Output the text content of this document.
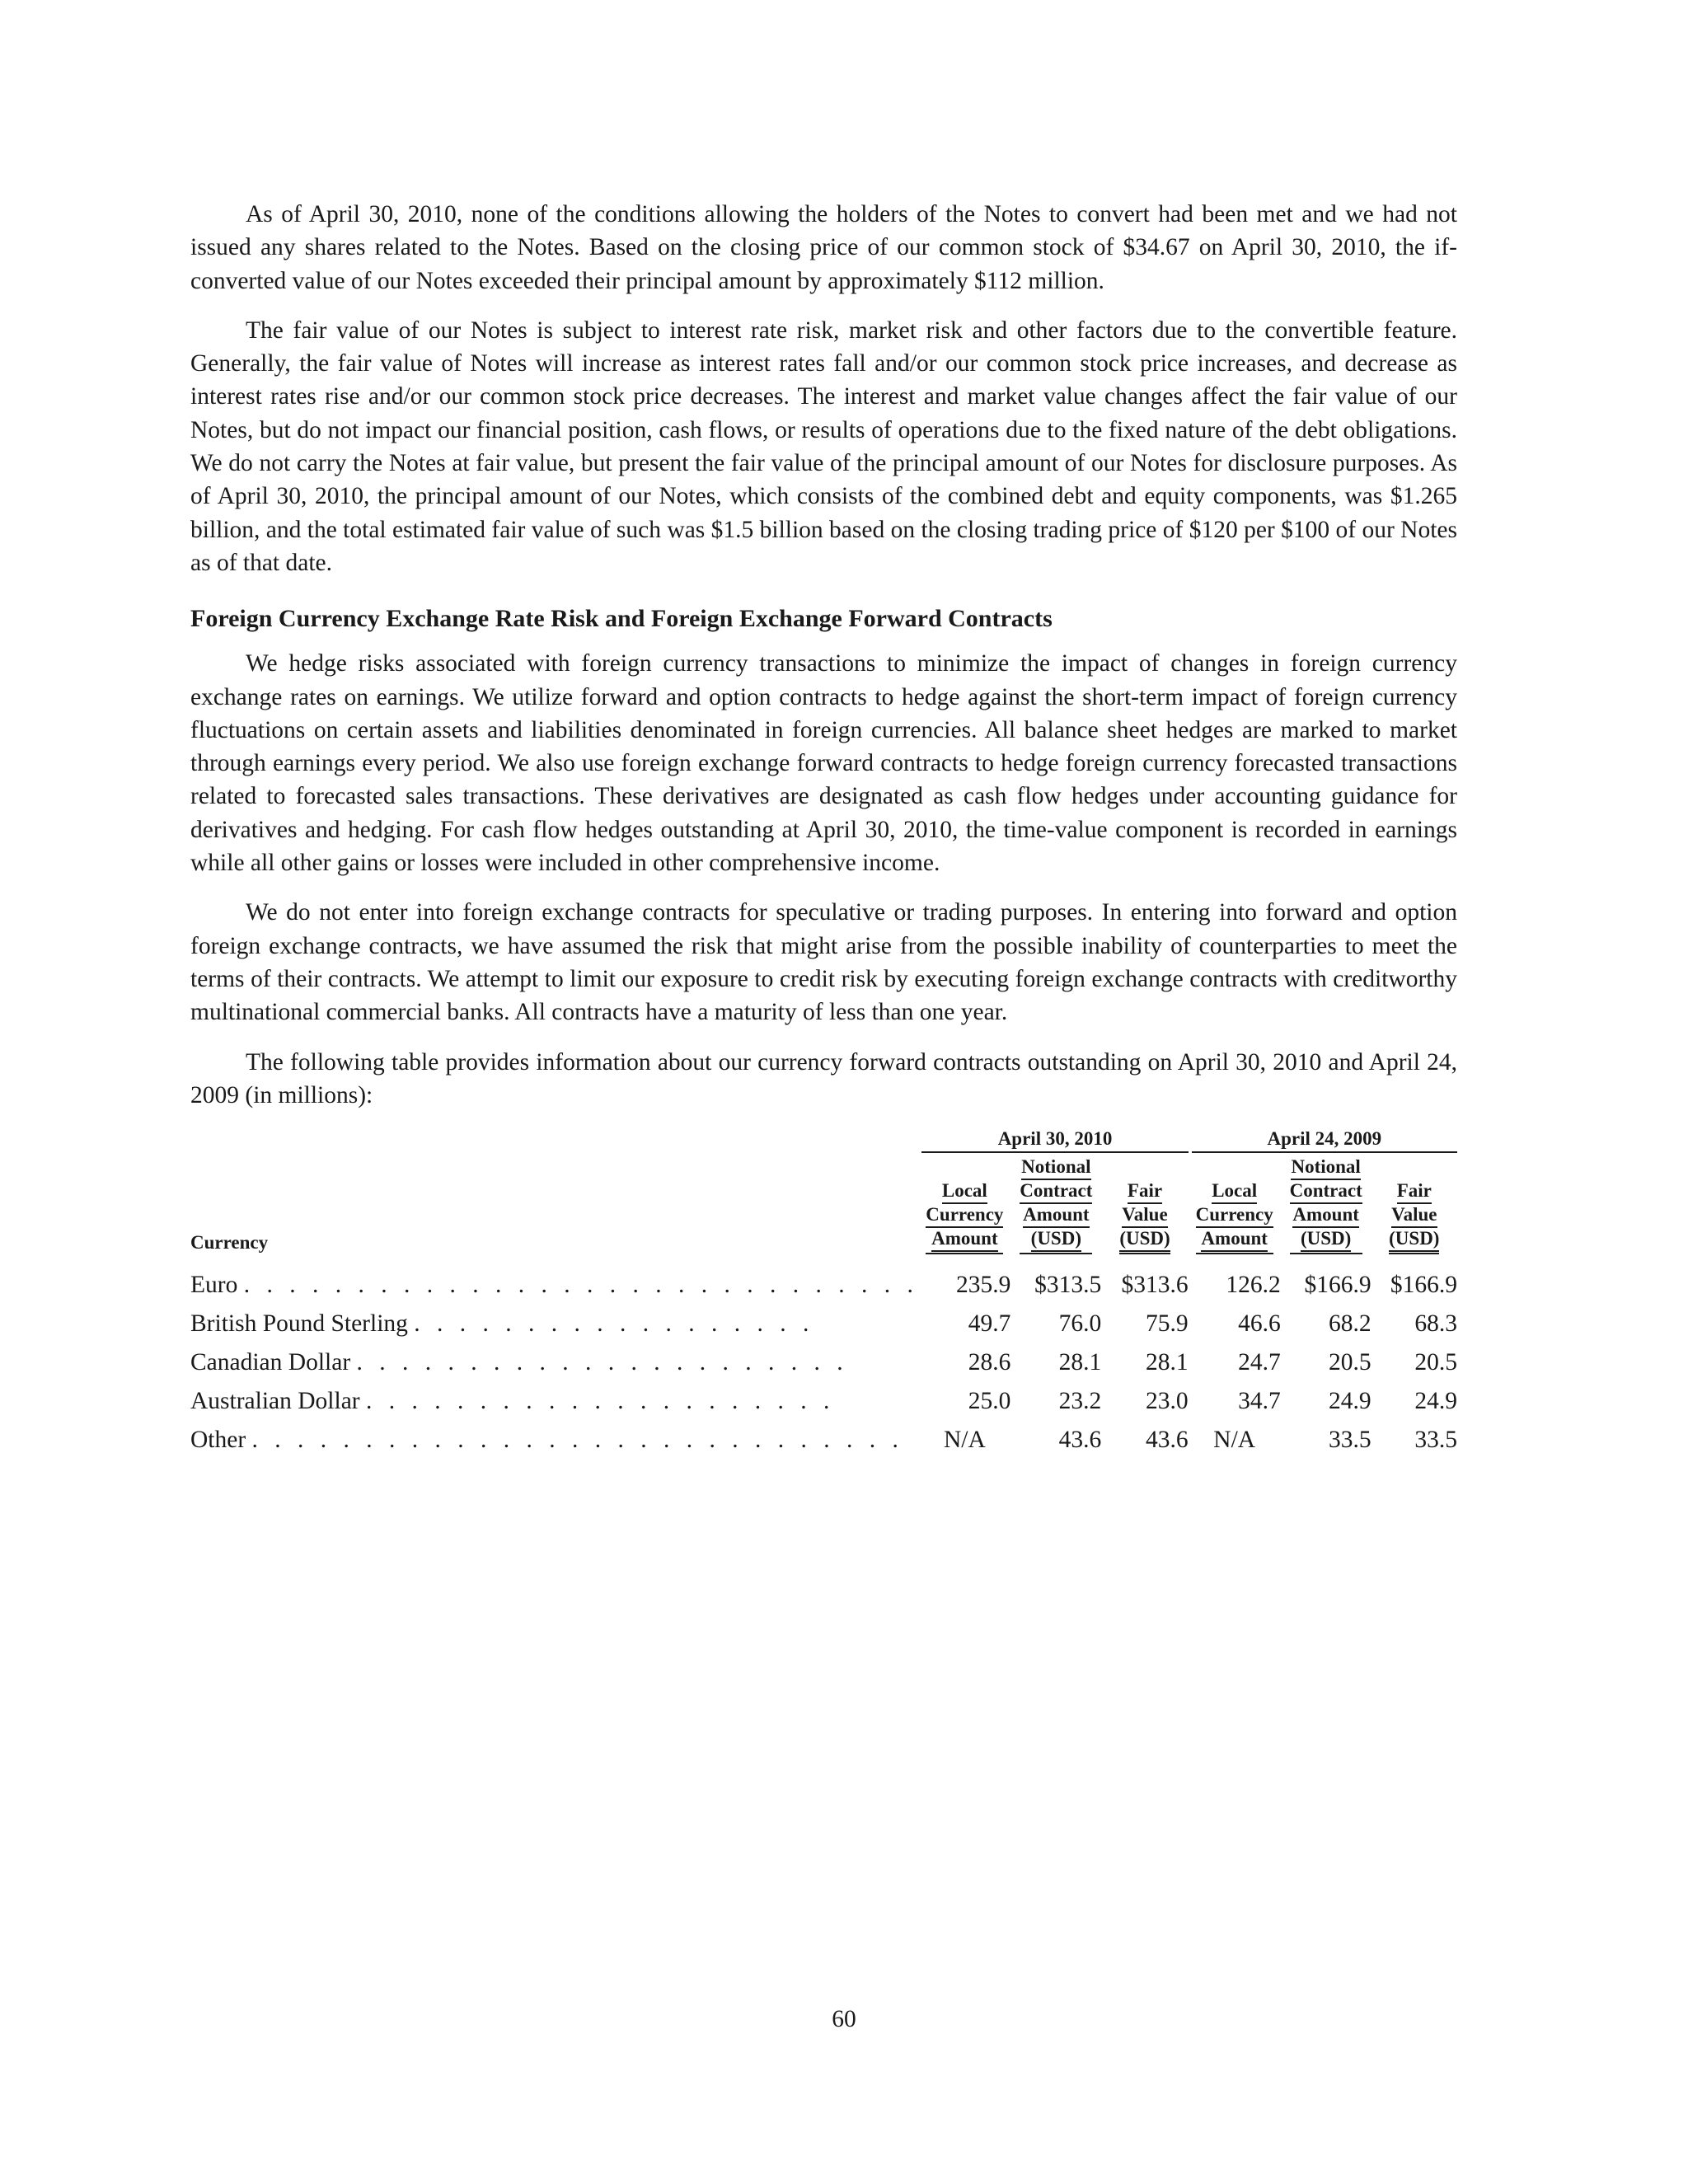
As of April 30, 2010, none of the conditions allowing the holders of the Notes to convert had been met and we had not issued any shares related to the Notes. Based on the closing price of our common stock of $34.67 on April 30, 2010, the if-converted value of our Notes exceeded their principal amount by approximately $112 million.

The fair value of our Notes is subject to interest rate risk, market risk and other factors due to the convertible feature. Generally, the fair value of Notes will increase as interest rates fall and/or our common stock price increases, and decrease as interest rates rise and/or our common stock price decreases. The interest and market value changes affect the fair value of our Notes, but do not impact our financial position, cash flows, or results of operations due to the fixed nature of the debt obligations. We do not carry the Notes at fair value, but present the fair value of the principal amount of our Notes for disclosure purposes. As of April 30, 2010, the principal amount of our Notes, which consists of the combined debt and equity components, was $1.265 billion, and the total estimated fair value of such was $1.5 billion based on the closing trading price of $120 per $100 of our Notes as of that date.

Foreign Currency Exchange Rate Risk and Foreign Exchange Forward Contracts

We hedge risks associated with foreign currency transactions to minimize the impact of changes in foreign currency exchange rates on earnings. We utilize forward and option contracts to hedge against the short-term impact of foreign currency fluctuations on certain assets and liabilities denominated in foreign currencies. All balance sheet hedges are marked to market through earnings every period. We also use foreign exchange forward contracts to hedge foreign currency forecasted transactions related to forecasted sales transactions. These derivatives are designated as cash flow hedges under accounting guidance for derivatives and hedging. For cash flow hedges outstanding at April 30, 2010, the time-value component is recorded in earnings while all other gains or losses were included in other comprehensive income.

We do not enter into foreign exchange contracts for speculative or trading purposes. In entering into forward and option foreign exchange contracts, we have assumed the risk that might arise from the possible inability of counterparties to meet the terms of their contracts. We attempt to limit our exposure to credit risk by executing foreign exchange contracts with creditworthy multinational commercial banks. All contracts have a maturity of less than one year.

The following table provides information about our currency forward contracts outstanding on April 30, 2010 and April 24, 2009 (in millions):

	April 30, 2010			April 24, 2009		

Currency	Local
Currency
Amount	Notional
Contract
Amount
(USD)	Fair
Value
(USD)	Local
Currency
Amount	Notional
Contract
Amount
(USD)	Fair
Value
(USD)
Euro . . . . . . . . . . . . . . . . . . . . . . . . . . . . . .	235.9	$313.5	$313.6	126.2	$166.9	$166.9
British Pound Sterling . . . . . . . . . . . . . . . . . .	49.7	76.0	75.9	46.6	68.2	68.3
Canadian Dollar . . . . . . . . . . . . . . . . . . . . . .	28.6	28.1	28.1	24.7	20.5	20.5
Australian Dollar . . . . . . . . . . . . . . . . . . . . .	25.0	23.2	23.0	34.7	24.9	24.9
Other . . . . . . . . . . . . . . . . . . . . . . . . . . . . .	N/A	43.6	43.6	N/A	33.5	33.5
60
